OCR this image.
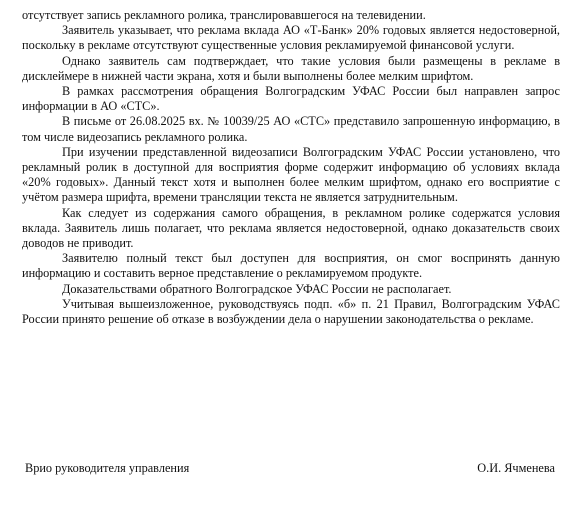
отсутствует запись рекламного ролика, транслировавшегося на телевидении.

Заявитель указывает, что реклама вклада АО «Т-Банк» 20% годовых является недостоверной, поскольку в рекламе отсутствуют существенные условия рекламируемой финансовой услуги.

Однако заявитель сам подтверждает, что такие условия были размещены в рекламе в дисклеймере в нижней части экрана, хотя и были выполнены более мелким шрифтом.

В рамках рассмотрения обращения Волгоградским УФАС России был направлен запрос информации в АО «СТС».

В письме от 26.08.2025 вх. № 10039/25 АО «СТС» представило запрошенную информацию, в том числе видеозапись рекламного ролика.

При изучении представленной видеозаписи Волгоградским УФАС России установлено, что рекламный ролик в доступной для восприятия форме содержит информацию об условиях вклада «20% годовых». Данный текст хотя и выполнен более мелким шрифтом, однако его восприятие с учётом размера шрифта, времени трансляции текста не является затруднительным.

Как следует из содержания самого обращения, в рекламном ролике содержатся условия вклада. Заявитель лишь полагает, что реклама является недостоверной, однако доказательств своих доводов не приводит.

Заявителю полный текст был доступен для восприятия, он смог воспринять данную информацию и составить верное представление о рекламируемом продукте.

Доказательствами обратного Волгоградское УФАС России не располагает.

Учитывая вышеизложенное, руководствуясь подп. «б» п. 21 Правил, Волгоградским УФАС России принято решение об отказе в возбуждении дела о нарушении законодательства о рекламе.

Врио руководителя управления	О.И. Ячменева
